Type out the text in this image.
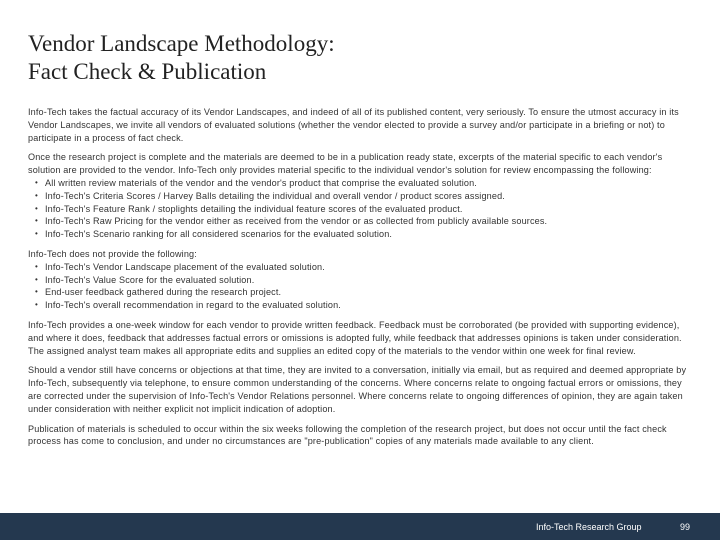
Vendor Landscape Methodology:
Fact Check & Publication

Info-Tech takes the factual accuracy of its Vendor Landscapes, and indeed of all of its published content, very seriously. To ensure the utmost accuracy in its Vendor Landscapes, we invite all vendors of evaluated solutions (whether the vendor elected to provide a survey and/or participate in a briefing or not) to participate in a process of fact check.

Once the research project is complete and the materials are deemed to be in a publication ready state, excerpts of the material specific to each vendor's solution are provided to the vendor. Info-Tech only provides material specific to the individual vendor's solution for review encompassing the following:

• All written review materials of the vendor and the vendor's product that comprise the evaluated solution.
• Info-Tech's Criteria Scores / Harvey Balls detailing the individual and overall vendor / product scores assigned.
• Info-Tech's Feature Rank / stoplights detailing the individual feature scores of the evaluated product.
• Info-Tech's Raw Pricing for the vendor either as received from the vendor or as collected from publicly available sources.
• Info-Tech's Scenario ranking for all considered scenarios for the evaluated solution.

Info-Tech does not provide the following:

• Info-Tech's Vendor Landscape placement of the evaluated solution.
• Info-Tech's Value Score for the evaluated solution.
• End-user feedback gathered during the research project.
• Info-Tech's overall recommendation in regard to the evaluated solution.

Info-Tech provides a one-week window for each vendor to provide written feedback. Feedback must be corroborated (be provided with supporting evidence), and where it does, feedback that addresses factual errors or omissions is adopted fully, while feedback that addresses opinions is taken under consideration. The assigned analyst team makes all appropriate edits and supplies an edited copy of the materials to the vendor within one week for final review.

Should a vendor still have concerns or objections at that time, they are invited to a conversation, initially via email, but as required and deemed appropriate by Info-Tech, subsequently via telephone, to ensure common understanding of the concerns. Where concerns relate to ongoing factual errors or omissions, they are corrected under the supervision of Info-Tech's Vendor Relations personnel. Where concerns relate to ongoing differences of opinion, they are again taken under consideration with neither explicit not implicit indication of adoption.

Publication of materials is scheduled to occur within the six weeks following the completion of the research project, but does not occur until the fact check process has come to conclusion, and under no circumstances are "pre-publication" copies of any materials made available to any client.

Info-Tech Research Group	99
